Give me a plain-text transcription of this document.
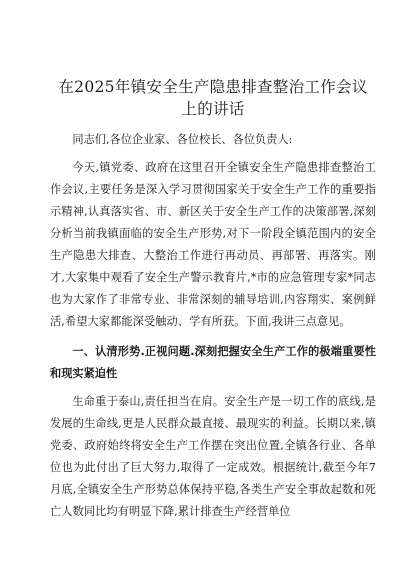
在2025年镇安全生产隐患排查整治工作会议
上的讲话

同志们,各位企业家、各位校长、各位负责人:

今天,镇党委、政府在这里召开全镇安全生产隐患排查整治工作会议,主要任务是深入学习贯彻国家关于安全生产工作的重要指示精神,认真落实省、市、新区关于安全生产工作的决策部署,深刻分析当前我镇面临的安全生产形势,对下一阶段全镇范围内的安全生产隐患大排查、大整治工作进行再动员、再部署、再落实。刚才,大家集中观看了安全生产警示教育片,*市的应急管理专家*同志也为大家作了非常专业、非常深刻的辅导培训,内容翔实、案例鲜活,希望大家都能深受触动、学有所获。下面,我讲三点意见。

一、认清形势.正视问题.深刻把握安全生产工作的极端重要性和现实紧迫性

生命重于泰山,责任担当在肩。安全生产是一切工作的底线,是发展的生命线,更是人民群众最直接、最现实的利益。长期以来,镇党委、政府始终将安全生产工作摆在突出位置,全镇各行业、各单位也为此付出了巨大努力,取得了一定成效。根据统计,截至今年7月底,全镇安全生产形势总体保持平稳,各类生产安全事故起数和死亡人数同比均有明显下降,累计排查生产经营单位
